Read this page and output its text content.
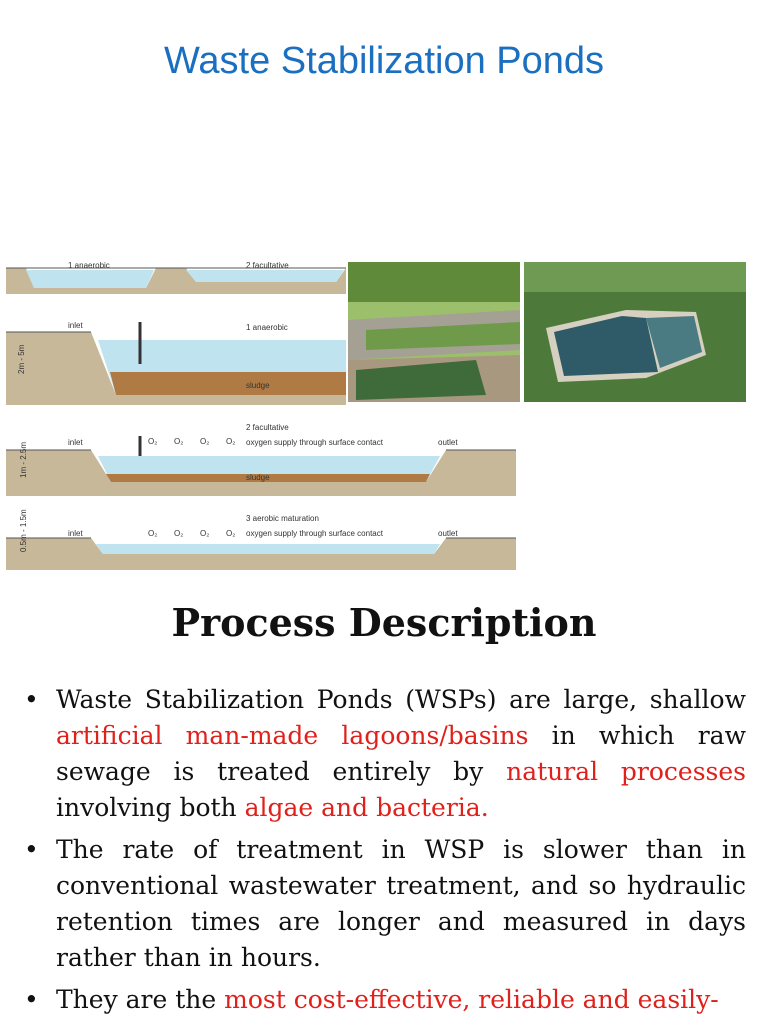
Waste Stabilization Ponds
1 anaerobic	2 facultative
inlet	1 anaerobic
sludge
2m - 5m
inlet
2 facultative
oxygen supply through surface contact	outlet
sludge
O₂ O₂ O₂ O₂
1m - 2.5m
inlet
3 aerobic maturation
oxygen supply through surface contact	outlet
O₂ O₂ O₂ O₂
0.5m - 1.5m
Process Description
• Waste Stabilization Ponds (WSPs) are large, shallow artificial man-made lagoons/basins in which raw sewage is treated entirely by natural processes involving both algae and bacteria.
• The rate of treatment in WSP is slower than in conventional wastewater treatment, and so hydraulic retention times are longer and measured in days rather than in hours.
• They are the most cost-effective, reliable and easily-
